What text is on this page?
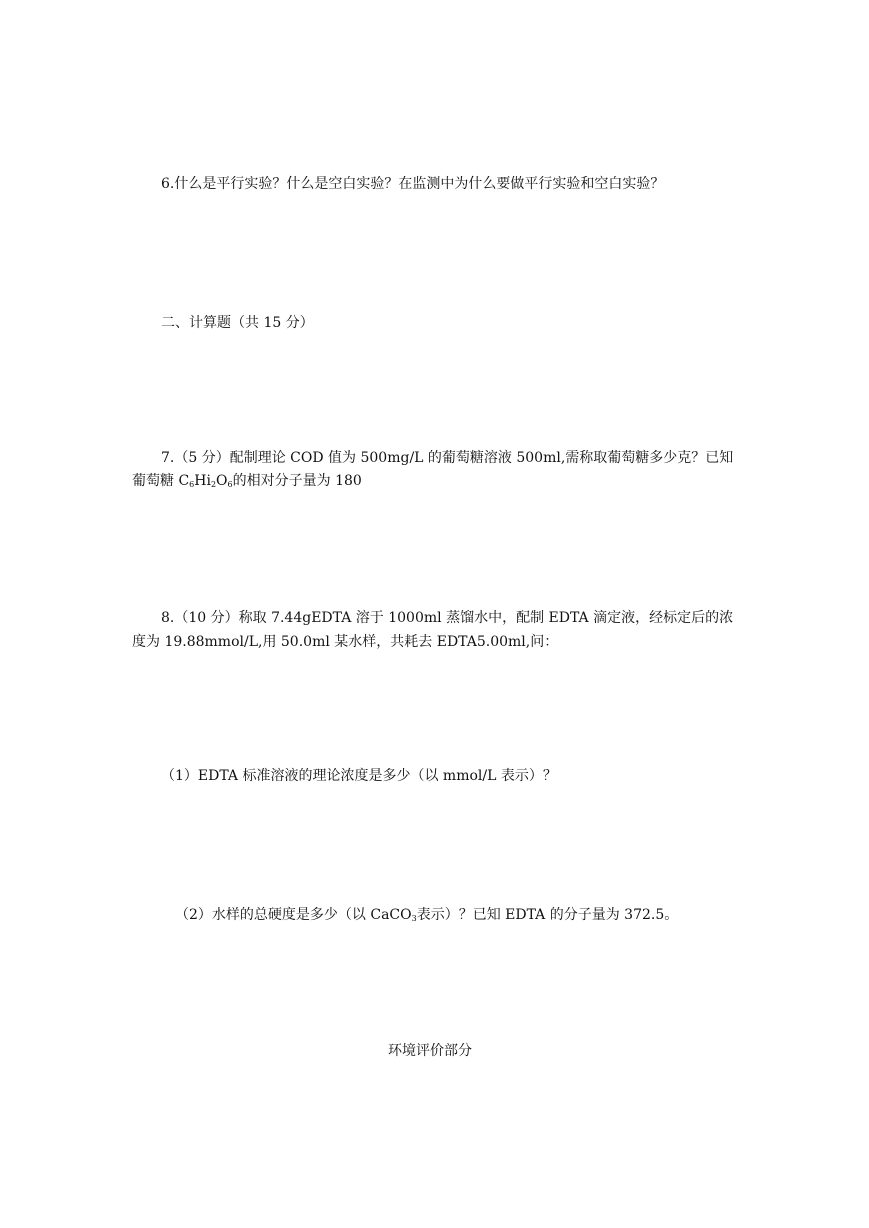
6.什么是平行实验？什么是空白实验？在监测中为什么要做平行实验和空白实验？

二、计算题（共 15 分）

7.（5 分）配制理论 COD 值为 500mg/L 的葡萄糖溶液 500ml,需称取葡萄糖多少克？已知

葡萄糖 $C_6Hi_2O_6$的相对分子量为 180

8.（10 分）称取 7.44gEDTA 溶于 1000ml 蒸馏水中，配制 EDTA 滴定液，经标定后的浓

度为 19.88mmol/L,用 50.0ml 某水样，共耗去 EDTA5.00ml,问：

（1）EDTA 标准溶液的理论浓度是多少（以 mmol/L 表示）？

（2）水样的总硬度是多少（以 CaCO$_3$表示）？已知 EDTA 的分子量为 372.5。

环境评价部分
